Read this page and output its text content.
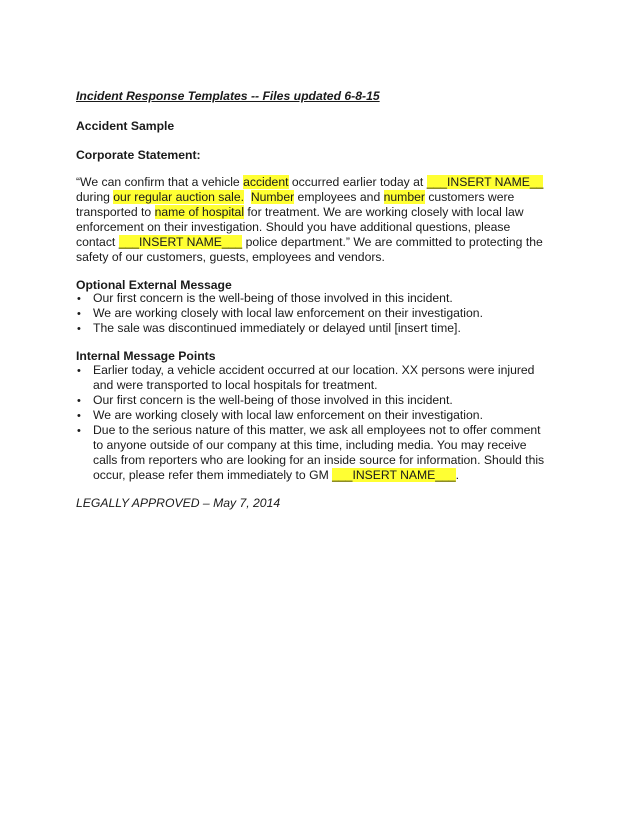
Incident Response Templates -- Files updated 6-8-15
Accident Sample
Corporate Statement:
“We can confirm that a vehicle accident occurred earlier today at ___INSERT NAME__
during our regular auction sale. Number employees and number customers were
transported to name of hospital for treatment. We are working closely with local law
enforcement on their investigation. Should you have additional questions, please
contact ___INSERT NAME___ police department.” We are committed to protecting the
safety of our customers, guests, employees and vendors.
Optional External Message
• Our first concern is the well-being of those involved in this incident.
• We are working closely with local law enforcement on their investigation.
• The sale was discontinued immediately or delayed until [insert time].
Internal Message Points
• Earlier today, a vehicle accident occurred at our location. XX persons were injured
and were transported to local hospitals for treatment.
• Our first concern is the well-being of those involved in this incident.
• We are working closely with local law enforcement on their investigation.
• Due to the serious nature of this matter, we ask all employees not to offer comment
to anyone outside of our company at this time, including media. You may receive
calls from reporters who are looking for an inside source for information. Should this
occur, please refer them immediately to GM ___INSERT NAME___.
LEGALLY APPROVED – May 7, 2014
